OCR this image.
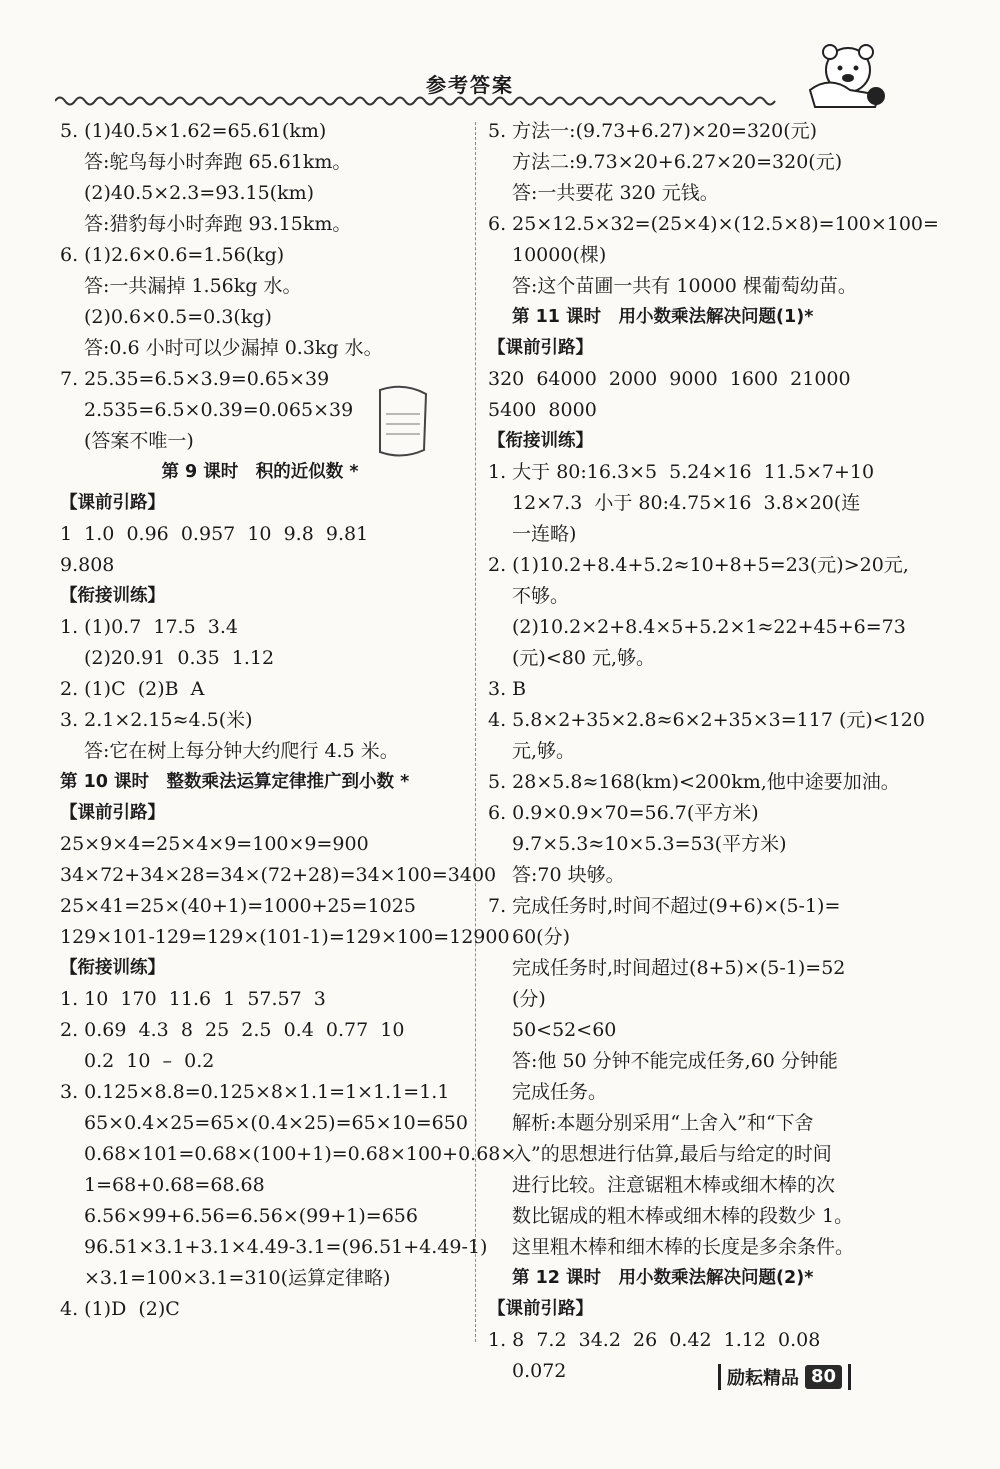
参考答案
5. (1)40.5×1.62=65.61(km)
答:鸵鸟每小时奔跑 65.61km。
(2)40.5×2.3=93.15(km)
答:猎豹每小时奔跑 93.15km。
6. (1)2.6×0.6=1.56(kg)
答:一共漏掉 1.56kg 水。
(2)0.6×0.5=0.3(kg)
答:0.6 小时可以少漏掉 0.3kg 水。
7. 25.35=6.5×3.9=0.65×39
2.535=6.5×0.39=0.065×39
(答案不唯一)
第 9 课时　积的近似数 *
【课前引路】
1  1.0  0.96  0.957  10  9.8  9.81
9.808
【衔接训练】
1. (1)0.7  17.5  3.4
(2)20.91  0.35  1.12
2. (1)C  (2)B  A
3. 2.1×2.15≈4.5(米)
答:它在树上每分钟大约爬行 4.5 米。
第 10 课时　整数乘法运算定律推广到小数 *
【课前引路】
25×9×4=25×4×9=100×9=900
34×72+34×28=34×(72+28)=34×100=3400
25×41=25×(40+1)=1000+25=1025
129×101-129=129×(101-1)=129×100=12900
【衔接训练】
1. 10  170  11.6  1  57.57  3
2. 0.69  4.3  8  25  2.5  0.4  0.77  10
0.2  10  –  0.2
3. 0.125×8.8=0.125×8×1.1=1×1.1=1.1
65×0.4×25=65×(0.4×25)=65×10=650
0.68×101=0.68×(100+1)=0.68×100+0.68×
1=68+0.68=68.68
6.56×99+6.56=6.56×(99+1)=656
96.51×3.1+3.1×4.49-3.1=(96.51+4.49-1)
×3.1=100×3.1=310(运算定律略)
4. (1)D  (2)C
5. 方法一:(9.73+6.27)×20=320(元)
方法二:9.73×20+6.27×20=320(元)
答:一共要花 320 元钱。
6. 25×12.5×32=(25×4)×(12.5×8)=100×100=
10000(棵)
答:这个苗圃一共有 10000 棵葡萄幼苗。
第 11 课时　用小数乘法解决问题(1)*
【课前引路】
320  64000  2000  9000  1600  21000
5400  8000
【衔接训练】
1. 大于 80:16.3×5  5.24×16  11.5×7+10
12×7.3  小于 80:4.75×16  3.8×20(连
一连略)
2. (1)10.2+8.4+5.2≈10+8+5=23(元)>20元,
不够。
(2)10.2×2+8.4×5+5.2×1≈22+45+6=73
(元)<80 元,够。
3. B
4. 5.8×2+35×2.8≈6×2+35×3=117 (元)<120
元,够。
5. 28×5.8≈168(km)<200km,他中途要加油。
6. 0.9×0.9×70=56.7(平方米)
9.7×5.3≈10×5.3=53(平方米)
答:70 块够。
7. 完成任务时,时间不超过(9+6)×(5-1)=
60(分)
完成任务时,时间超过(8+5)×(5-1)=52
(分)
50<52<60
答:他 50 分钟不能完成任务,60 分钟能
完成任务。
解析:本题分别采用“上舍入”和“下舍
入”的思想进行估算,最后与给定的时间
进行比较。注意锯粗木棒或细木棒的次
数比锯成的粗木棒或细木棒的段数少 1。
这里粗木棒和细木棒的长度是多余条件。
第 12 课时　用小数乘法解决问题(2)*
【课前引路】
1. 8  7.2  34.2  26  0.42  1.12  0.08
0.072	励耘精品 80
